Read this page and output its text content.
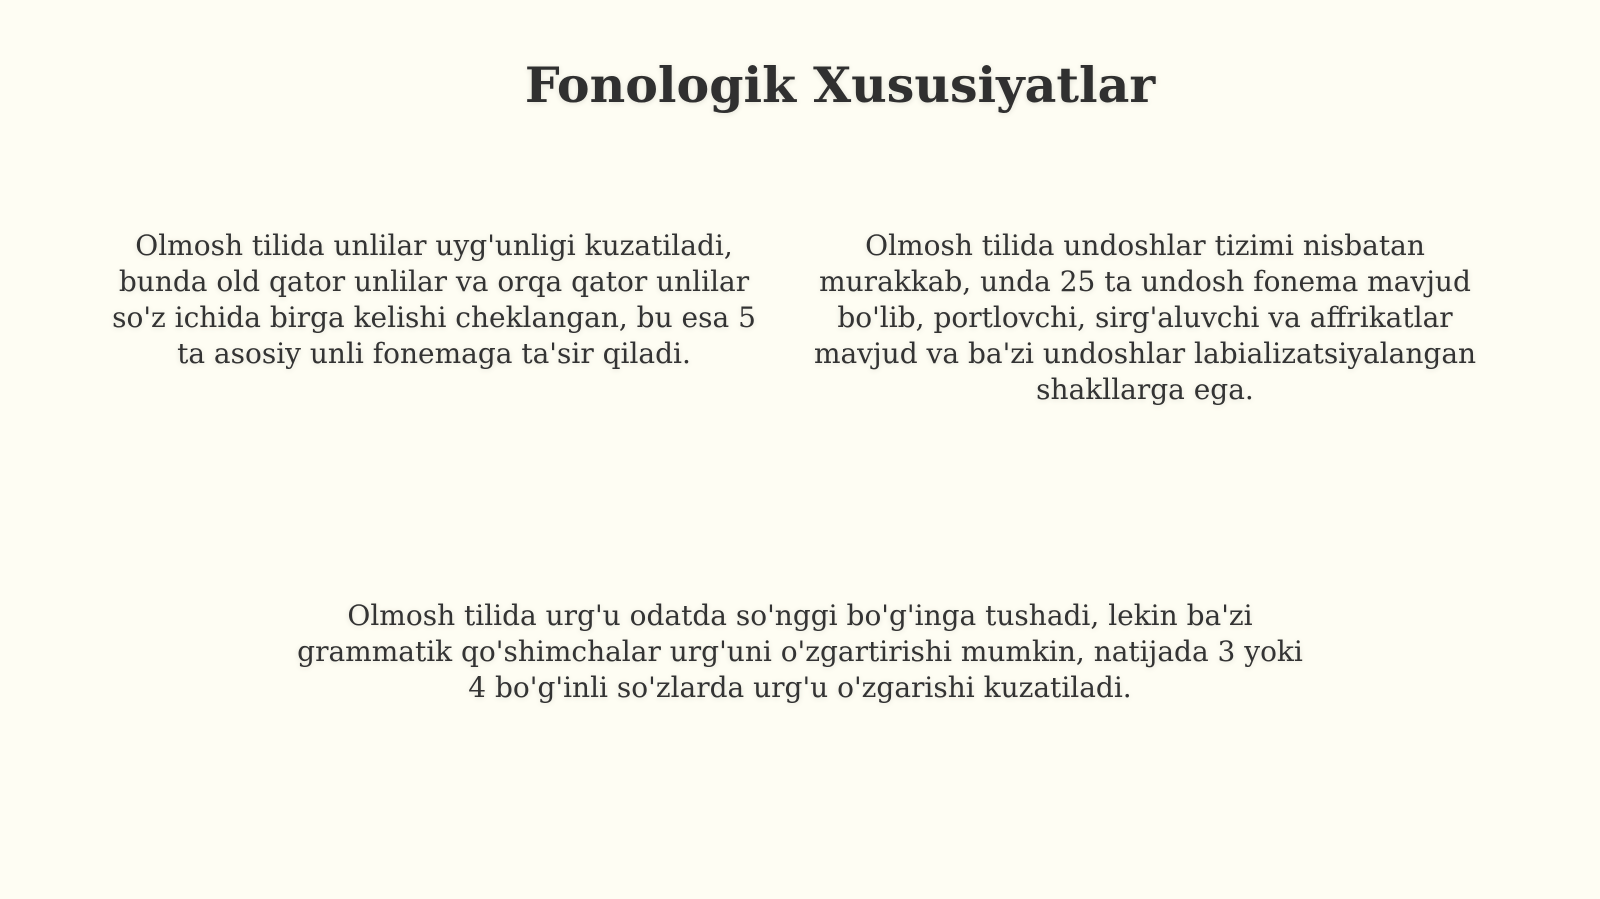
Fonologik Xususiyatlar

Olmosh tilida unlilar uyg'unligi kuzatiladi, bunda old qator unlilar va orqa qator unlilar so'z ichida birga kelishi cheklangan, bu esa 5 ta asosiy unli fonemaga ta'sir qiladi.

Olmosh tilida undoshlar tizimi nisbatan murakkab, unda 25 ta undosh fonema mavjud bo'lib, portlovchi, sirg'aluvchi va affrikatlar mavjud va ba'zi undoshlar labializatsiyalangan shakllarga ega.

Olmosh tilida urg'u odatda so'nggi bo'g'inga tushadi, lekin ba'zi grammatik qo'shimchalar urg'uni o'zgartirishi mumkin, natijada 3 yoki 4 bo'g'inli so'zlarda urg'u o'zgarishi kuzatiladi.
